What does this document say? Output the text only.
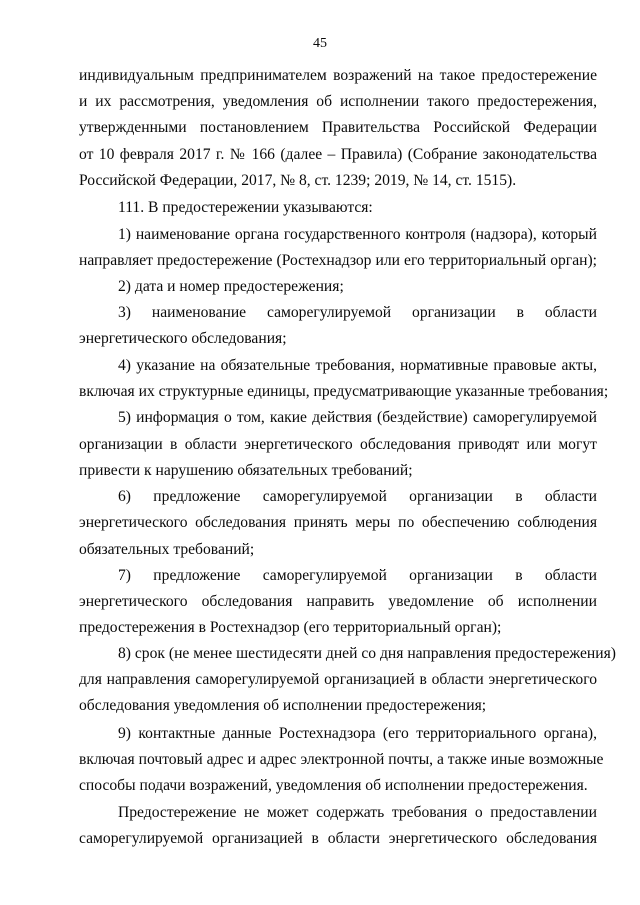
45
индивидуальным предпринимателем возражений на такое предостережение
и их рассмотрения, уведомления об исполнении такого предостережения,
утвержденными постановлением Правительства Российской Федерации
от 10 февраля 2017 г. № 166 (далее – Правила) (Собрание законодательства
Российской Федерации, 2017, № 8, ст. 1239; 2019, № 14, ст. 1515).
111. В предостережении указываются:
1) наименование органа государственного контроля (надзора), который
направляет предостережение (Ростехнадзор или его территориальный орган);
2) дата и номер предостережения;
3) наименование саморегулируемой организации в области
энергетического обследования;
4) указание на обязательные требования, нормативные правовые акты,
включая их структурные единицы, предусматривающие указанные требования;
5) информация о том, какие действия (бездействие) саморегулируемой
организации в области энергетического обследования приводят или могут
привести к нарушению обязательных требований;
6) предложение саморегулируемой организации в области
энергетического обследования принять меры по обеспечению соблюдения
обязательных требований;
7) предложение саморегулируемой организации в области
энергетического обследования направить уведомление об исполнении
предостережения в Ростехнадзор (его территориальный орган);
8) срок (не менее шестидесяти дней со дня направления предостережения)
для направления саморегулируемой организацией в области энергетического
обследования уведомления об исполнении предостережения;
9) контактные данные Ростехнадзора (его территориального органа),
включая почтовый адрес и адрес электронной почты, а также иные возможные
способы подачи возражений, уведомления об исполнении предостережения.
Предостережение не может содержать требования о предоставлении
саморегулируемой организацией в области энергетического обследования
